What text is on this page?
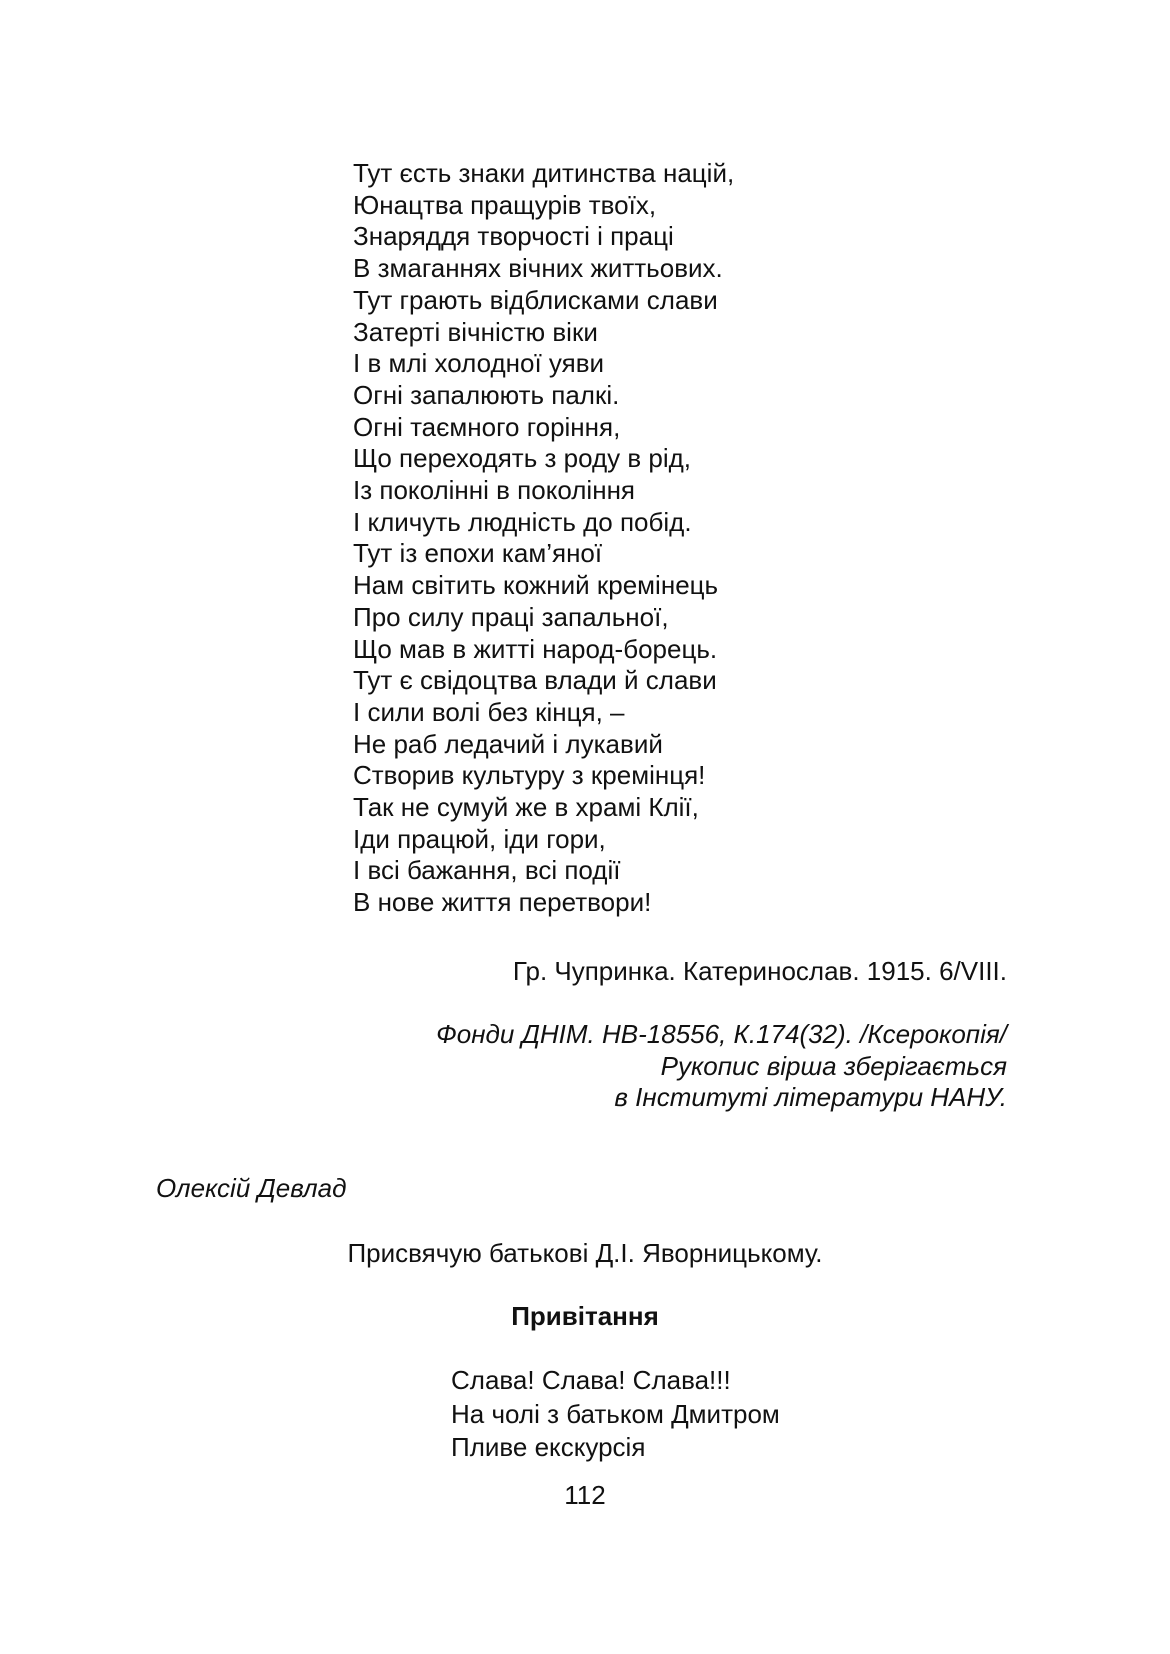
Тут єсть знаки дитинства націй,
Юнацтва пращурів твоїх,
Знаряддя творчості і праці
В змаганнях вічних життьових.
Тут грають відблисками слави
Затерті вічністю віки
І в млі холодної уяви
Огні запалюють палкі.
Огні таємного горіння,
Що переходять з роду в рід,
Із поколінні в покоління
І кличуть людність до побід.
Тут із епохи кам’яної
Нам світить кожний кремінець
Про силу праці запальної,
Що мав в житті народ-борець.
Тут є свідоцтва влади й слави
І сили волі без кінця, –
Не раб ледачий і лукавий
Створив культуру з кремінця!
Так не сумуй же в храмі Клії,
Іди працюй, іди гори,
І всі бажання, всі події
В нове життя перетвори!
Гр. Чупринка. Катеринослав. 1915. 6/VIII.
Фонди ДНІМ. НВ-18556, К.174(32). /Ксерокопія/
Рукопис вірша зберігається
в Інституті літератури НАНУ.
Олексій Девлад
Присвячую батькові Д.І. Яворницькому.
Привітання
Слава! Слава! Слава!!!
На чолі з батьком Дмитром
Пливе екскурсія
112
